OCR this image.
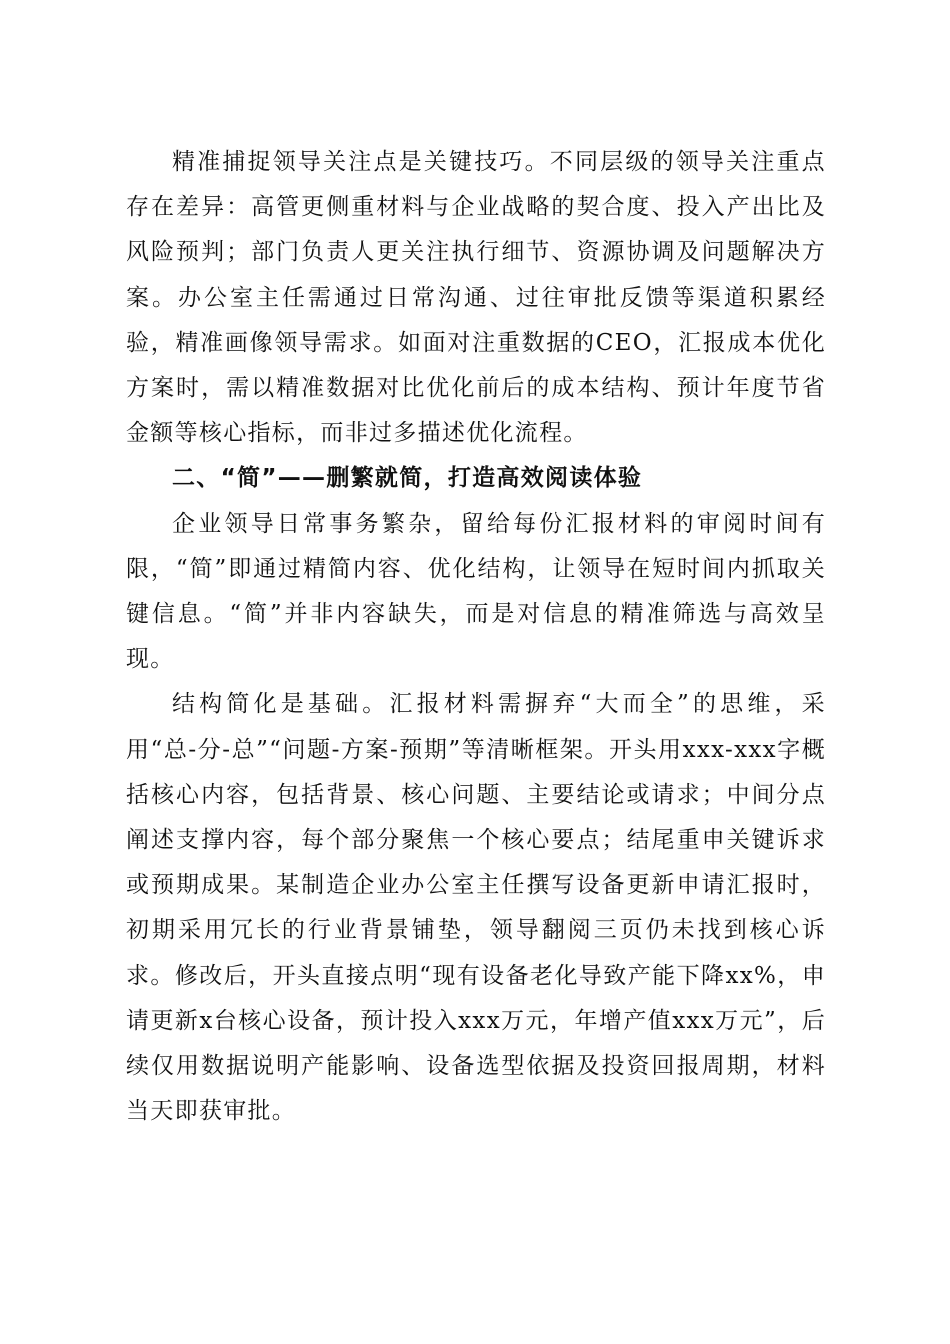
精准捕捉领导关注点是关键技巧。不同层级的领导关注重点存在差异：高管更侧重材料与企业战略的契合度、投入产出比及风险预判；部门负责人更关注执行细节、资源协调及问题解决方案。办公室主任需通过日常沟通、过往审批反馈等渠道积累经验，精准画像领导需求。如面对注重数据的CEO，汇报成本优化方案时，需以精准数据对比优化前后的成本结构、预计年度节省金额等核心指标，而非过多描述优化流程。

二、“简”——删繁就简，打造高效阅读体验

企业领导日常事务繁杂，留给每份汇报材料的审阅时间有限，“简”即通过精简内容、优化结构，让领导在短时间内抓取关键信息。“简”并非内容缺失，而是对信息的精准筛选与高效呈现。

结构简化是基础。汇报材料需摒弃“大而全”的思维，采用“总-分-总”“问题-方案-预期”等清晰框架。开头用xxx-xxx字概括核心内容，包括背景、核心问题、主要结论或请求；中间分点阐述支撑内容，每个部分聚焦一个核心要点；结尾重申关键诉求或预期成果。某制造企业办公室主任撰写设备更新申请汇报时，初期采用冗长的行业背景铺垫，领导翻阅三页仍未找到核心诉求。修改后，开头直接点明“现有设备老化导致产能下降xx%，申请更新x台核心设备，预计投入xxx万元，年增产值xxx万元”，后续仅用数据说明产能影响、设备选型依据及投资回报周期，材料当天即获审批。
